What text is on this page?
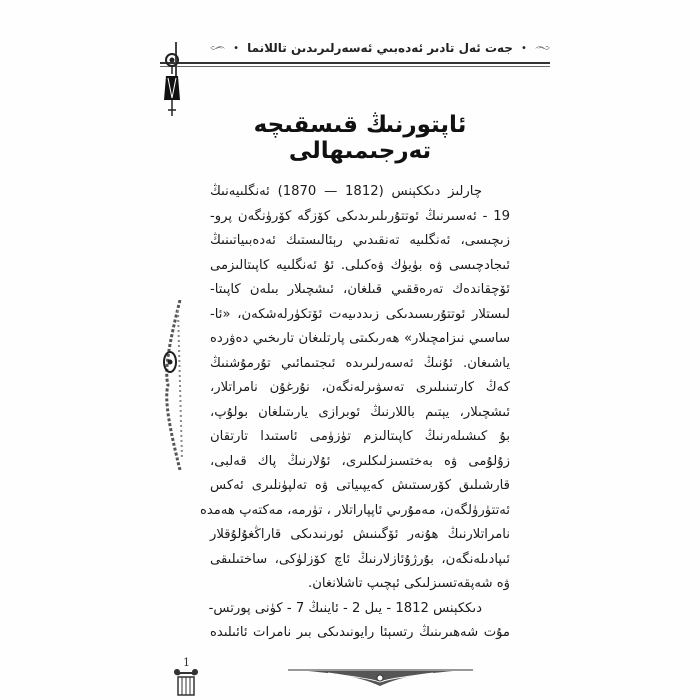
•
جەت ئەل تادىر ئەدەبىي ئەسەرلىرىدىن تاللانما
•
ئاپتورنىڭ قىسقىچە تەرجىمىھالى
چارلىز دىككېنس (1812 — 1870) ئەنگلىيەنىڭ
19 - ئەسىرنىڭ ئوتتۇرىلىرىدىكى كۆزگە كۆرۈنگەن پرو-
زىچىسى، ئەنگلىيە تەنقىدىي رېئالىستىك ئەدەبىياتىنىڭ
ئىجادچىسى ۋە بۈيۈك ۋەكىلى. ئۇ ئەنگلىيە كاپىتالىزمى
ئۆچقاندەك تەرەققىي قىلغان، ئىشچىلار بىلەن كاپىتا-
لىستلار ئوتتۇرىسىدىكى زىددىيەت ئۆتكۈرلەشكەن، «ئا-
ساسىي نىزامچىلار» ھەرىكىتى پارتلىغان تارىخىي دەۋردە
ياشىغان. ئۇنىڭ ئەسەرلىرىدە ئىجتىمائىي تۇرمۇشنىڭ
كەڭ كارتىنىلىرى تەسۋىرلەنگەن، نۇرغۇن نامراتلار،
ئىشچىلار، يېتىم باللارنىڭ ئوبرازى يارىتىلغان بولۇپ،
بۇ كىشىلەرنىڭ كاپىتالىزم تۈزۈمى ئاستىدا تارتقان
زۇلۇمى ۋە بەختسىزلىكلىرى، ئۇلارنىڭ پاك قەلبى،
قارشىلىق كۆرسىتىش كەيپىياتى ۋە تەلپۈنلىرى ئەكس
ئەتتۈرۈلگەن، مەمۇرىي ئاپپاراتلار ، تۈرمە، مەكتەپ ھەمدە
نامراتلارنىڭ ھۇنەر ئۆگىنىش ئورنىدىكى قاراڭغۇلۇقلار
ئىپادىلەنگەن، بۇرژۇئازلارنىڭ ئاچ كۆزلۈكى، ساختىلىقى
ۋە شەپقەتسىزلىكى ئېچىپ تاشلانغان.
دىككېنس 1812 - يىل 2 - ئاينىڭ 7 - كۈنى پورتس-
مۇت شەھىرىنىڭ رتسېئا رايونىدىكى بىر نامرات ئائىلىدە
1
